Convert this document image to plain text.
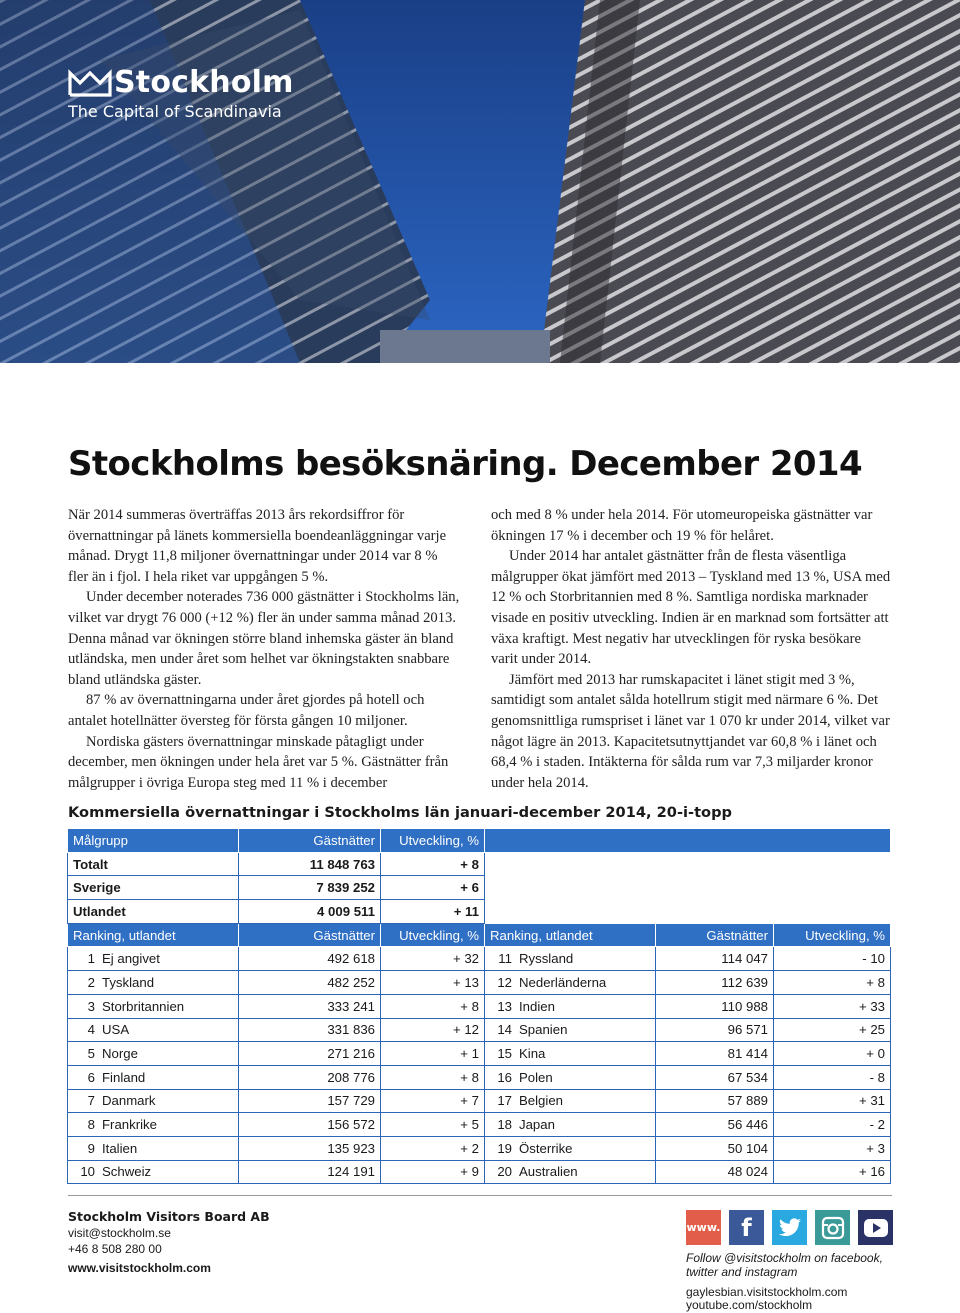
Stockholm
The Capital of Scandinavia
Stockholms besöksnäring. December 2014

När 2014 summeras överträffas 2013 års rekordsiffror för övernattningar på länets kommersiella boendeanläggningar varje månad. Drygt 11,8 miljoner övernattningar under 2014 var 8 % fler än i fjol. I hela riket var uppgången 5 %.

Under december noterades 736 000 gästnätter i Stockholms län, vilket var drygt 76 000 (+12 %) fler än under samma månad 2013. Denna månad var ökningen större bland inhemska gäster än bland utländska, men under året som helhet var ökningstakten snabbare bland utländska gäster.

87 % av övernattningarna under året gjordes på hotell och antalet hotellnätter översteg för första gången 10 miljoner.

Nordiska gästers övernattningar minskade påtagligt under december, men ökningen under hela året var 5 %. Gästnätter från målgrupper i övriga Europa steg med 11 % i december

och med 8 % under hela 2014. För utomeuropeiska gästnätter var ökningen 17 % i december och 19 % för helåret.

Under 2014 har antalet gästnätter från de flesta väsentliga målgrupper ökat jämfört med 2013 – Tyskland med 13 %, USA med 12 % och Storbritannien med 8 %. Samtliga nordiska marknader visade en positiv utveckling. Indien är en marknad som fortsätter att växa kraftigt. Mest negativ har utvecklingen för ryska besökare varit under 2014.

Jämfört med 2013 har rumskapacitet i länet stigit med 3 %, samtidigt som antalet sålda hotellrum stigit med närmare 6 %. Det genomsnittliga rumspriset i länet var 1 070 kr under 2014, vilket var något lägre än 2013. Kapacitetsutnyttjandet var 60,8 % i länet och 68,4 % i staden. Intäkterna för sålda rum var 7,3 miljarder kronor under hela 2014.

Kommersiella övernattningar i Stockholms län januari-december 2014, 20-i-topp
Målgrupp	Gästnätter	Utveckling, %			
Totalt	11 848 763	+ 8			
Sverige	7 839 252	+ 6			
Utlandet	4 009 511	+ 11			
Ranking, utlandet	Gästnätter	Utveckling, %	Ranking, utlandet	Gästnätter	Utveckling, %
1 Ej angivet	492 618	+ 32	11 Ryssland	114 047	- 10
2 Tyskland	482 252	+ 13	12 Nederländerna	112 639	+ 8
3 Storbritannien	333 241	+ 8	13 Indien	110 988	+ 33
4 USA	331 836	+ 12	14 Spanien	96 571	+ 25
5 Norge	271 216	+ 1	15 Kina	81 414	+ 0
6 Finland	208 776	+ 8	16 Polen	67 534	- 8
7 Danmark	157 729	+ 7	17 Belgien	57 889	+ 31
8 Frankrike	156 572	+ 5	18 Japan	56 446	- 2
9 Italien	135 923	+ 2	19 Österrike	50 104	+ 3
10 Schweiz	124 191	+ 9	20 Australien	48 024	+ 16
Stockholm Visitors Board AB
visit@stockholm.se
+46 8 508 280 00
www.visitstockholm.com
www. f
Follow @visitstockholm on facebook,
twitter and instagram
gaylesbian.visitstockholm.com
youtube.com/stockholm
